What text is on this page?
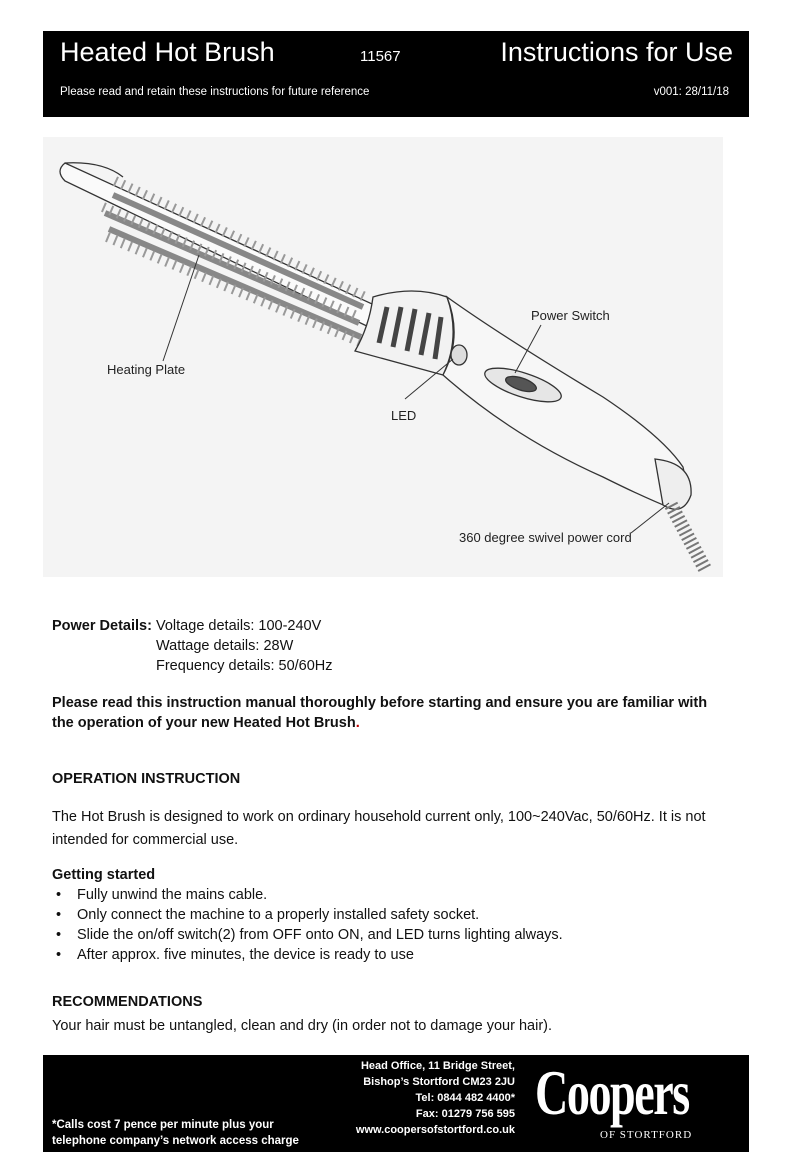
Heated Hot Brush	11567	Instructions for Use
Please read and retain these instructions for future reference	v001: 28/11/18
Heating Plate
Power Switch
LED
360 degree swivel power cord
Power Details: Voltage details: 100-240V
Wattage details: 28W
Frequency details: 50/60Hz
Please read this instruction manual thoroughly before starting and ensure you are familiar with the operation of your new Heated Hot Brush.
OPERATION INSTRUCTION
The Hot Brush is designed to work on ordinary household current only, 100~240Vac, 50/60Hz. It is not intended for commercial use.
Getting started
• Fully unwind the mains cable.
• Only connect the machine to a properly installed safety socket.
• Slide the on/off switch(2) from OFF onto ON, and LED turns lighting always.
• After approx. five minutes, the device is ready to use
RECOMMENDATIONS
Your hair must be untangled, clean and dry (in order not to damage your hair).
*Calls cost 7 pence per minute plus your
telephone company’s network access charge
Head Office, 11 Bridge Street,
Bishop’s Stortford CM23 2JU
Tel: 0844 482 4400*
Fax: 01279 756 595
www.coopersofstortford.co.uk
Coopers
OF STORTFORD
